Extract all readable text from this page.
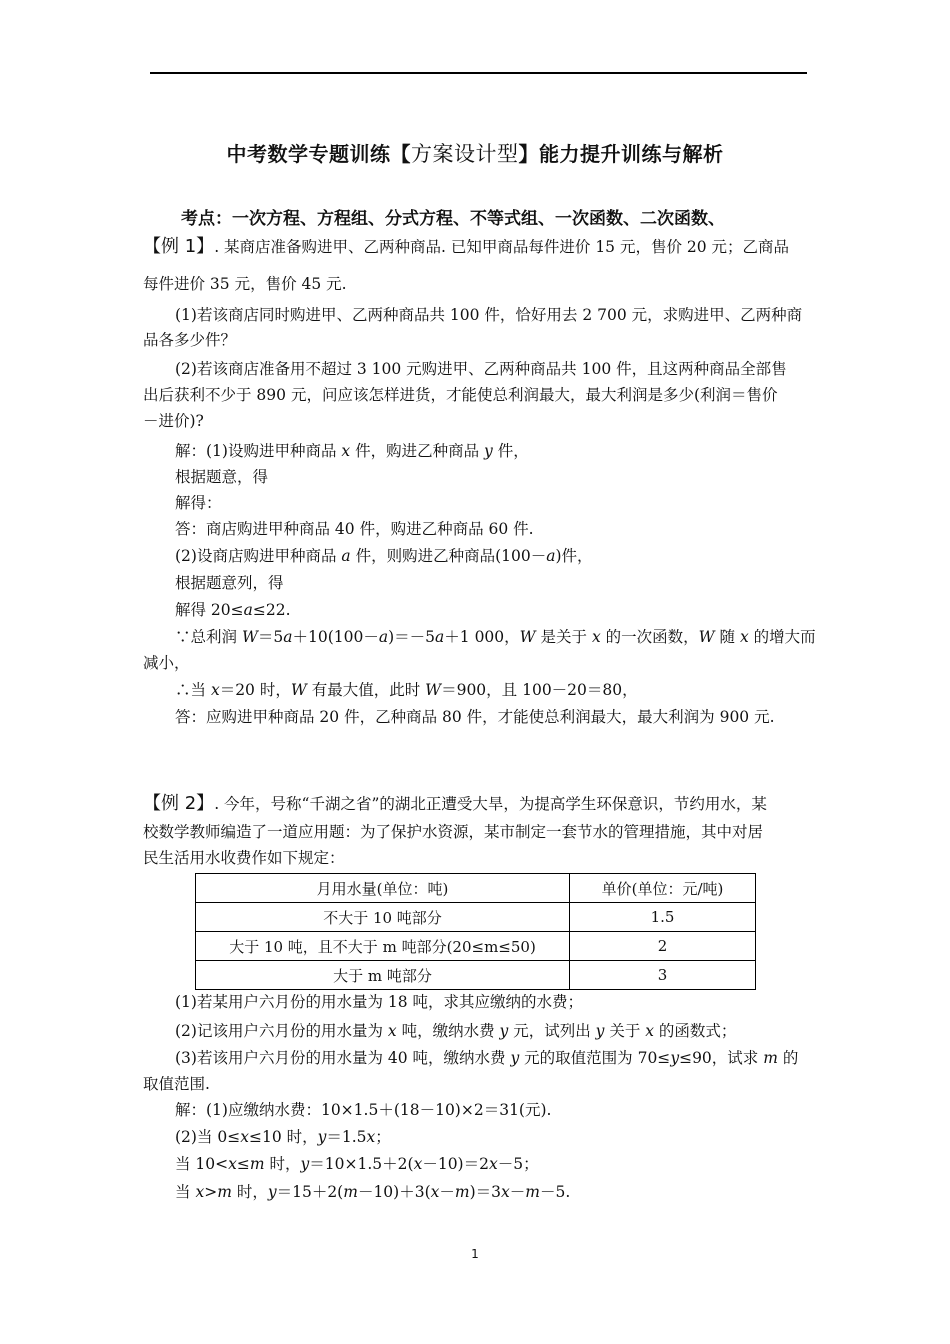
中考数学专题训练【方案设计型】能力提升训练与解析
考点：一次方程、方程组、分式方程、不等式组、一次函数、二次函数、
【例 1】. 某商店准备购进甲、乙两种商品. 已知甲商品每件进价 15 元，售价 20 元；乙商品
每件进价 35 元，售价 45 元.
(1)若该商店同时购进甲、乙两种商品共 100 件，恰好用去 2 700 元，求购进甲、乙两种商
品各多少件？
(2)若该商店准备用不超过 3 100 元购进甲、乙两种商品共 100 件，且这两种商品全部售
出后获利不少于 890 元，问应该怎样进货，才能使总利润最大，最大利润是多少(利润＝售价
－进价)?
解：(1)设购进甲种商品 x 件，购进乙种商品 y 件，
根据题意，得
解得：
答：商店购进甲种商品 40 件，购进乙种商品 60 件.
(2)设商店购进甲种商品 a 件，则购进乙种商品(100－a)件，
根据题意列，得
解得 20≤a≤22.
∵总利润 W＝5a＋10(100－a)＝－5a＋1 000，W 是关于 x 的一次函数，W 随 x 的增大而
减小，
∴当 x＝20 时，W 有最大值，此时 W＝900，且 100－20＝80，
答：应购进甲种商品 20 件，乙种商品 80 件，才能使总利润最大，最大利润为 900 元.
【例 2】. 今年，号称“千湖之省”的湖北正遭受大旱，为提高学生环保意识，节约用水，某
校数学教师编造了一道应用题：为了保护水资源，某市制定一套节水的管理措施，其中对居
民生活用水收费作如下规定：
月用水量(单位：吨)	单价(单位：元/吨)
不大于 10 吨部分	1.5
大于 10 吨，且不大于 m 吨部分(20≤m≤50)	2
大于 m 吨部分	3
(1)若某用户六月份的用水量为 18 吨，求其应缴纳的水费；
(2)记该用户六月份的用水量为 x 吨，缴纳水费 y 元，试列出 y 关于 x 的函数式；
(3)若该用户六月份的用水量为 40 吨，缴纳水费 y 元的取值范围为 70≤y≤90，试求 m 的
取值范围.
解：(1)应缴纳水费：10×1.5＋(18－10)×2＝31(元).
(2)当 0≤x≤10 时，y＝1.5x；
当 10<x≤m 时，y＝10×1.5＋2(x－10)＝2x－5；
当 x>m 时，y＝15＋2(m－10)＋3(x－m)＝3x－m－5.
1
